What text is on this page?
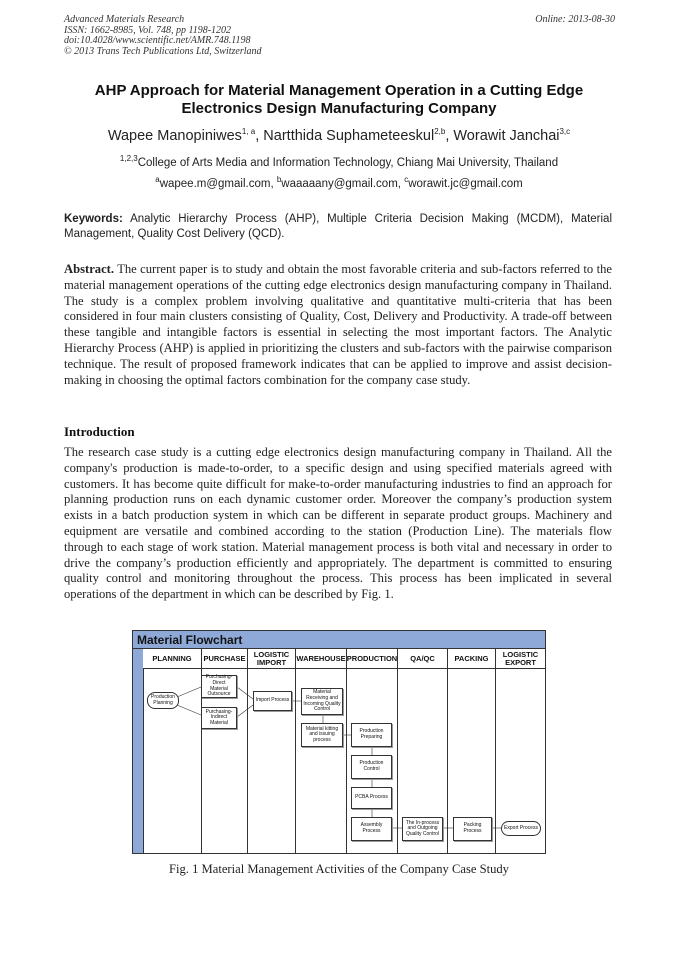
Advanced Materials Research
ISSN: 1662-8985, Vol. 748, pp 1198-1202
doi:10.4028/www.scientific.net/AMR.748.1198
© 2013 Trans Tech Publications Ltd, Switzerland
Online: 2013-08-30
AHP Approach for Material Management Operation in a Cutting Edge
Electronics Design Manufacturing Company
Wapee Manopiniwes$^{1, a}$, Nartthida Suphameteeskul$^{2,b}$, Worawit Janchai$^{3,c}$
$^{1,2,3}$College of Arts Media and Information Technology, Chiang Mai University, Thailand
$^a$wapee.m@gmail.com, $^b$waaaaany@gmail.com, $^c$worawit.jc@gmail.com
Keywords: Analytic Hierarchy Process (AHP), Multiple Criteria Decision Making (MCDM), Material Management, Quality Cost Delivery (QCD).
Abstract. The current paper is to study and obtain the most favorable criteria and sub-factors referred to the material management operations of the cutting edge electronics design manufacturing company in Thailand. The study is a complex problem involving qualitative and quantitative multi-criteria that has been considered in four main clusters consisting of Quality, Cost, Delivery and Productivity. A trade-off between these tangible and intangible factors is essential in selecting the most important factors. The Analytic Hierarchy Process (AHP) is applied in prioritizing the clusters and sub-factors with the pairwise comparison technique. The result of proposed framework indicates that can be applied to improve and assist decision-making in choosing the optimal factors combination for the company case study.
Introduction
The research case study is a cutting edge electronics design manufacturing company in Thailand. All the company's production is made-to-order, to a specific design and using specified materials agreed with customers. It has become quite difficult for make-to-order manufacturing industries to find an approach for planning production runs on each dynamic customer order. Moreover the company’s production system exists in a batch production system in which can be different in separate product groups. Machinery and equipment are versatile and combined according to the station (Production Line). The materials flow through to each stage of work station. Material management process is both vital and necessary in order to drive the company’s production efficiently and appropriately. The department is committed to ensuring quality control and monitoring throughout the process. This process has been implicated in several operations of the department in which can be described by Fig. 1.
Material Flowchart
PLANNING	PURCHASE	LOGISTIC IMPORT	WAREHOUSE PRODUCTION	QA/QC	PACKING	LOGISTIC EXPORT
Production Planning
Purchasing-Direct Material Outsource
Purchasing-Indirect Material
Import Process
Material Receiving and Incoming Quality Control
Material kitting and issuing process
Production Preparing
Production Control
PCBA Process
Assembly Process
The In-process and Outgoing Quality Control
Packing Process
Export Process
Fig. 1 Material Management Activities of the Company Case Study
